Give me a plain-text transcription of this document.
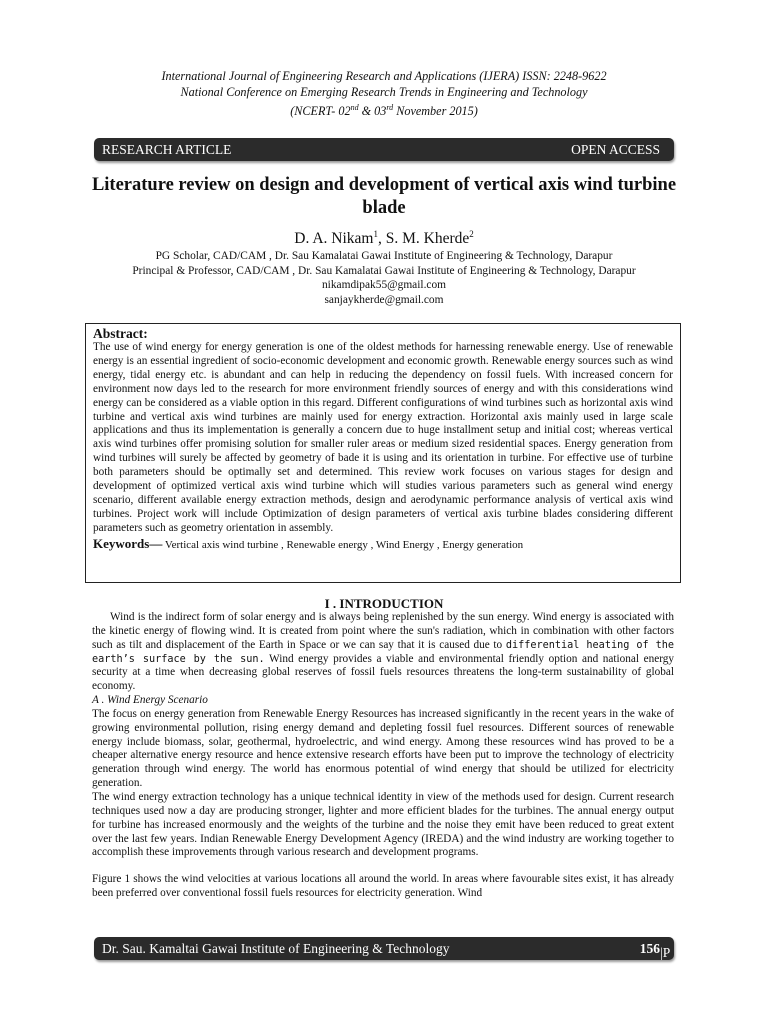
International Journal of Engineering Research and Applications (IJERA) ISSN: 2248-9622
National Conference on Emerging Research Trends in Engineering and Technology
(NCERT- 02nd & 03rd November 2015)
RESEARCH ARTICLE	OPEN ACCESS
Literature review on design and development of vertical axis wind turbine blade
D. A. Nikam$^1$, S. M. Kherde$^2$
PG Scholar, CAD/CAM , Dr. Sau Kamalatai Gawai Institute of Engineering & Technology, Darapur
Principal & Professor, CAD/CAM , Dr. Sau Kamalatai Gawai Institute of Engineering & Technology, Darapur
nikamdipak55@gmail.com
sanjaykherde@gmail.com
Abstract:
The use of wind energy for energy generation is one of the oldest methods for harnessing renewable energy. Use of renewable energy is an essential ingredient of socio-economic development and economic growth. Renewable energy sources such as wind energy, tidal energy etc. is abundant and can help in reducing the dependency on fossil fuels. With increased concern for environment now days led to the research for more environment friendly sources of energy and with this considerations wind energy can be considered as a viable option in this regard. Different configurations of wind turbines such as horizontal axis wind turbine and vertical axis wind turbines are mainly used for energy extraction. Horizontal axis mainly used in large scale applications and thus its implementation is generally a concern due to huge installment setup and initial cost; whereas vertical axis wind turbines offer promising solution for smaller ruler areas or medium sized residential spaces. Energy generation from wind turbines will surely be affected by geometry of bade it is using and its orientation in turbine. For effective use of turbine both parameters should be optimally set and determined. This review work focuses on various stages for design and development of optimized vertical axis wind turbine which will studies various parameters such as general wind energy scenario, different available energy extraction methods, design and aerodynamic performance analysis of vertical axis wind turbines. Project work will include Optimization of design parameters of vertical axis turbine blades considering different parameters such as geometry orientation in assembly.
Keywords— Vertical axis wind turbine , Renewable energy , Wind Energy , Energy generation
I . INTRODUCTION

Wind is the indirect form of solar energy and is always being replenished by the sun energy. Wind energy is associated with the kinetic energy of flowing wind. It is created from point where the sun's radiation, which in combination with other factors such as tilt and displacement of the Earth in Space or we can say that it is caused due to differential heating of the earth’s surface by the sun. Wind energy provides a viable and environmental friendly option and national energy security at a time when decreasing global reserves of fossil fuels resources threatens the long-term sustainability of global economy.

A . Wind Energy Scenario

The focus on energy generation from Renewable Energy Resources has increased significantly in the recent years in the wake of growing environmental pollution, rising energy demand and depleting fossil fuel resources. Different sources of renewable energy include biomass, solar, geothermal, hydroelectric, and wind energy. Among these resources wind has proved to be a cheaper alternative energy resource and hence extensive research efforts have been put to improve the technology of electricity generation through wind energy. The world has enormous potential of wind energy that should be utilized for electricity generation.

The wind energy extraction technology has a unique technical identity in view of the methods used for design. Current research techniques used now a day are producing stronger, lighter and more efficient blades for the turbines. The annual energy output for turbine has increased enormously and the weights of the turbine and the noise they emit have been reduced to great extent over the last few years. Indian Renewable Energy Development Agency (IREDA) and the wind industry are working together to accomplish these improvements through various research and development programs.

Figure 1 shows the wind velocities at various locations all around the world. In areas where favourable sites exist, it has already been preferred over conventional fossil fuels resources for electricity generation. Wind

Dr. Sau. Kamaltai Gawai Institute of Engineering & Technology	156 |P a g e
